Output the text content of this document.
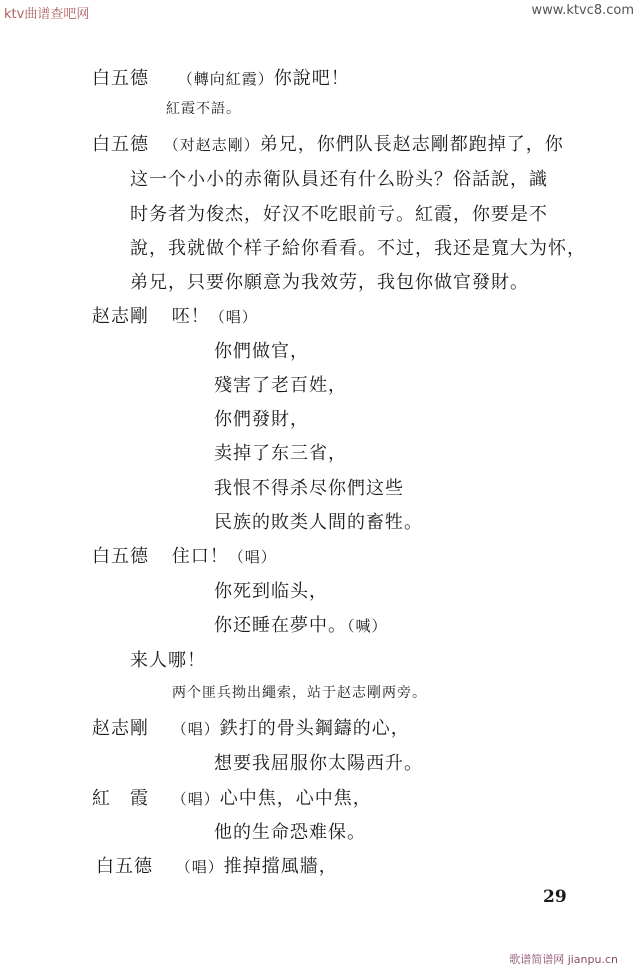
ktv曲谱查吧网	www.ktvc8.com
白五德 （轉向紅霞）你說吧！
紅霞不語。
白五德 （对赵志剛）弟兄，你們队長赵志剛都跑掉了，你
这一个小小的赤衛队員还有什么盼头？俗話說，識
时务者为俊杰，好汉不吃眼前亏。紅霞，你要是不
說，我就做个样子給你看看。不过，我还是寬大为怀，
弟兄，只要你願意为我效劳，我包你做官發財。
赵志剛 呸！（唱）
你們做官，
殘害了老百姓，
你們發財，
卖掉了东三省，
我恨不得杀尽你們这些
民族的敗类人間的畜牲。
白五德 住口！（唱）
你死到临头，
你还睡在夢中。（喊）
来人哪！
两个匪兵拗出繩索，站于赵志剛两旁。
赵志剛 （唱）鉄打的骨头鋼鑄的心，
想要我屈服你太陽西升。
紅　霞 （唱）心中焦，心中焦，
他的生命恐难保。
白五德 （唱）推掉擋風牆，
29
歌谱简谱网 jianpu.cn
